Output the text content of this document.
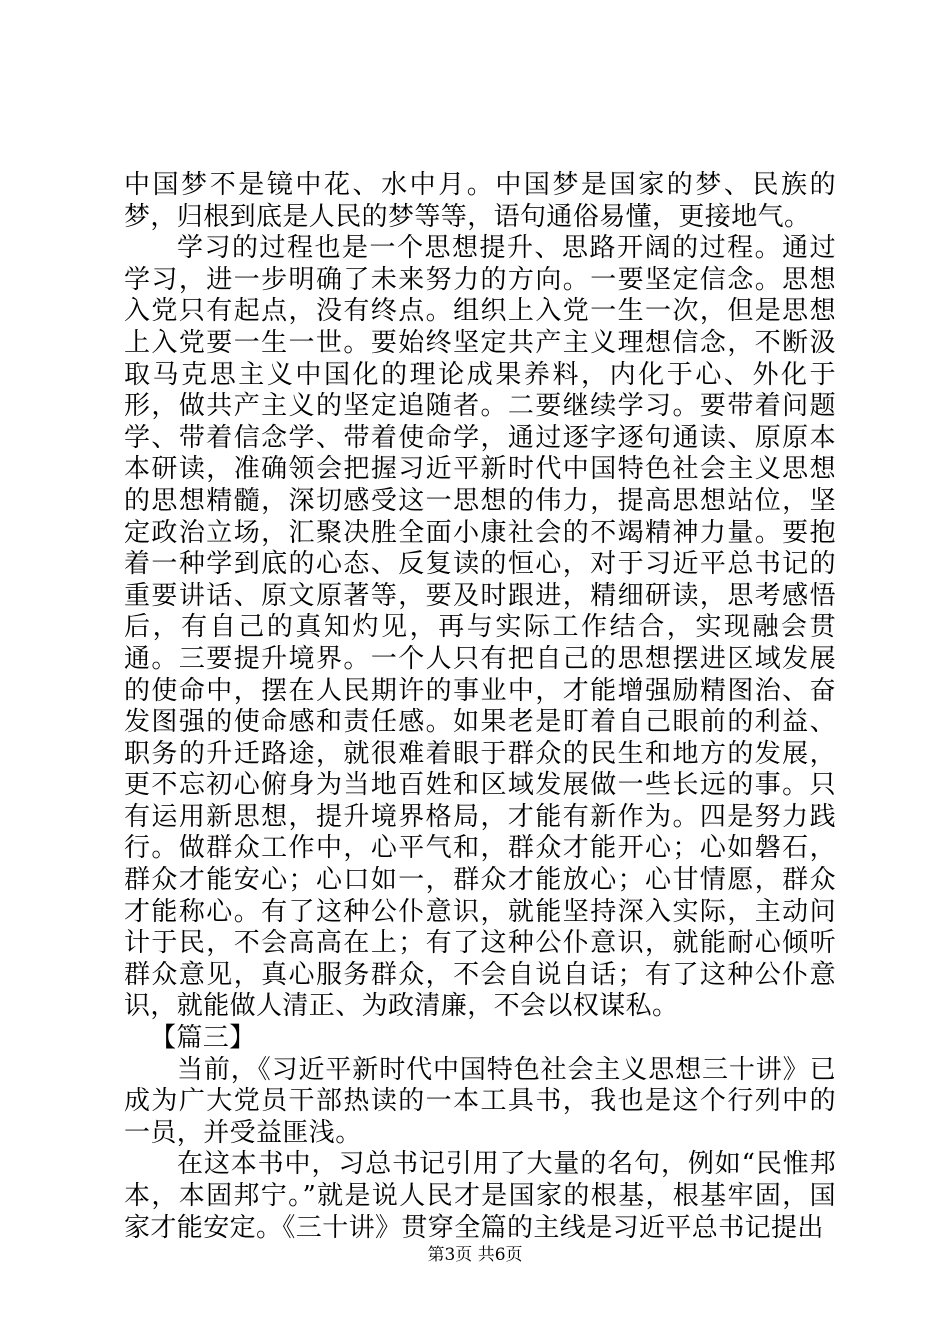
中国梦不是镜中花、水中月。中国梦是国家的梦、民族的梦，归根到底是人民的梦等等，语句通俗易懂，更接地气。

学习的过程也是一个思想提升、思路开阔的过程。通过学习，进一步明确了未来努力的方向。一要坚定信念。思想入党只有起点，没有终点。组织上入党一生一次，但是思想上入党要一生一世。要始终坚定共产主义理想信念，不断汲取马克思主义中国化的理论成果养料，内化于心、外化于形，做共产主义的坚定追随者。二要继续学习。要带着问题学、带着信念学、带着使命学，通过逐字逐句通读、原原本本研读，准确领会把握习近平新时代中国特色社会主义思想的思想精髓，深切感受这一思想的伟力，提高思想站位，坚定政治立场，汇聚决胜全面小康社会的不竭精神力量。要抱着一种学到底的心态、反复读的恒心，对于习近平总书记的重要讲话、原文原著等，要及时跟进，精细研读，思考感悟后，有自己的真知灼见，再与实际工作结合，实现融会贯通。三要提升境界。一个人只有把自己的思想摆进区域发展的使命中，摆在人民期许的事业中，才能增强励精图治、奋发图强的使命感和责任感。如果老是盯着自己眼前的利益、职务的升迁路途，就很难着眼于群众的民生和地方的发展，更不忘初心俯身为当地百姓和区域发展做一些长远的事。只有运用新思想，提升境界格局，才能有新作为。四是努力践行。做群众工作中，心平气和，群众才能开心；心如磐石，群众才能安心；心口如一，群众才能放心；心甘情愿，群众才能称心。有了这种公仆意识，就能坚持深入实际，主动问计于民，不会高高在上；有了这种公仆意识，就能耐心倾听群众意见，真心服务群众，不会自说自话；有了这种公仆意识，就能做人清正、为政清廉，不会以权谋私。

【篇三】

当前，《习近平新时代中国特色社会主义思想三十讲》已成为广大党员干部热读的一本工具书，我也是这个行列中的一员，并受益匪浅。

在这本书中，习总书记引用了大量的名句，例如“民惟邦本，本固邦宁。”就是说人民才是国家的根基，根基牢固，国家才能安定。《三十讲》贯穿全篇的主线是习近平总书记提出

第3页 共6页
